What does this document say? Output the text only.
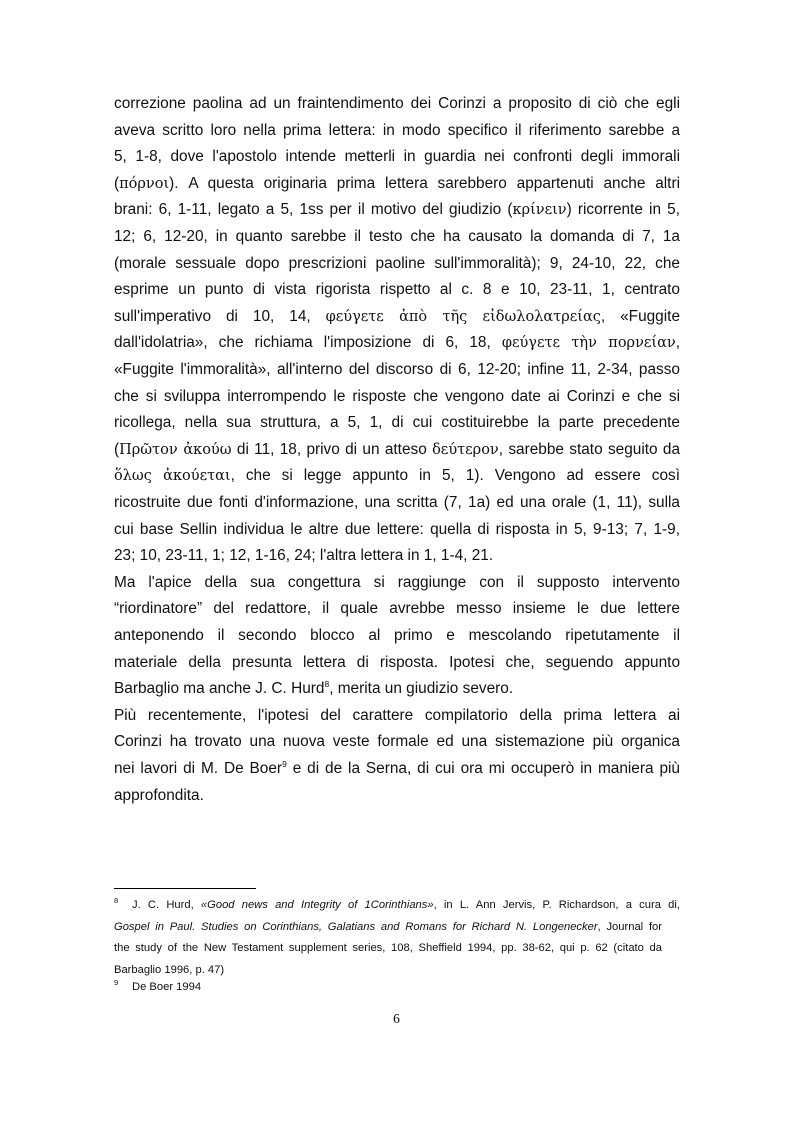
correzione paolina ad un fraintendimento dei Corinzi a proposito di ciò che egli
aveva scritto loro nella prima lettera: in modo specifico il riferimento sarebbe a
5, 1-8, dove l'apostolo intende metterli in guardia nei confronti degli immorali
(πόρνοι). A questa originaria prima lettera sarebbero appartenuti anche altri
brani: 6, 1-11, legato a 5, 1ss per il motivo del giudizio (κρίνειν) ricorrente in 5,
12; 6, 12-20, in quanto sarebbe il testo che ha causato la domanda di 7, 1a
(morale sessuale dopo prescrizioni paoline sull'immoralità); 9, 24-10, 22, che
esprime un punto di vista rigorista rispetto al c. 8 e 10, 23-11, 1, centrato
sull'imperativo di 10, 14, φεύγετε ἀπὸ τῆς εἰδωλολατρείας, «Fuggite
dall'idolatria», che richiama l'imposizione di 6, 18, φεύγετε τὴν πορνείαν,
«Fuggite l'immoralità», all'interno del discorso di 6, 12-20; infine 11, 2-34, passo
che si sviluppa interrompendo le risposte che vengono date ai Corinzi e che si
ricollega, nella sua struttura, a 5, 1, di cui costituirebbe la parte precedente
(Πρῶτον ἀκούω di 11, 18, privo di un atteso δεύτερον, sarebbe stato seguito da
ὅλως ἀκούεται, che si legge appunto in 5, 1). Vengono ad essere così
ricostruite due fonti d'informazione, una scritta (7, 1a) ed una orale (1, 11), sulla
cui base Sellin individua le altre due lettere: quella di risposta in 5, 9-13; 7, 1-9,
23; 10, 23-11, 1; 12, 1-16, 24; l'altra lettera in 1, 1-4, 21.
Ma l'apice della sua congettura si raggiunge con il supposto intervento
“riordinatore” del redattore, il quale avrebbe messo insieme le due lettere
anteponendo il secondo blocco al primo e mescolando ripetutamente il
materiale della presunta lettera di risposta. Ipotesi che, seguendo appunto
Barbaglio ma anche J. C. Hurd$^8$, merita un giudizio severo.
Più recentemente, l'ipotesi del carattere compilatorio della prima lettera ai
Corinzi ha trovato una nuova veste formale ed una sistemazione più organica
nei lavori di M. De Boer$^9$ e di de la Serna, di cui ora mi occuperò in maniera più
approfondita.
8 J. C. Hurd, «Good news and Integrity of 1Corinthians», in L. Ann Jervis, P. Richardson, a cura di,
Gospel in Paul. Studies on Corinthians, Galatians and Romans for Richard N. Longenecker, Journal for
the study of the New Testament supplement series, 108, Sheffield 1994, pp. 38-62, qui p. 62 (citato da
Barbaglio 1996, p. 47)
9 De Boer 1994
6
